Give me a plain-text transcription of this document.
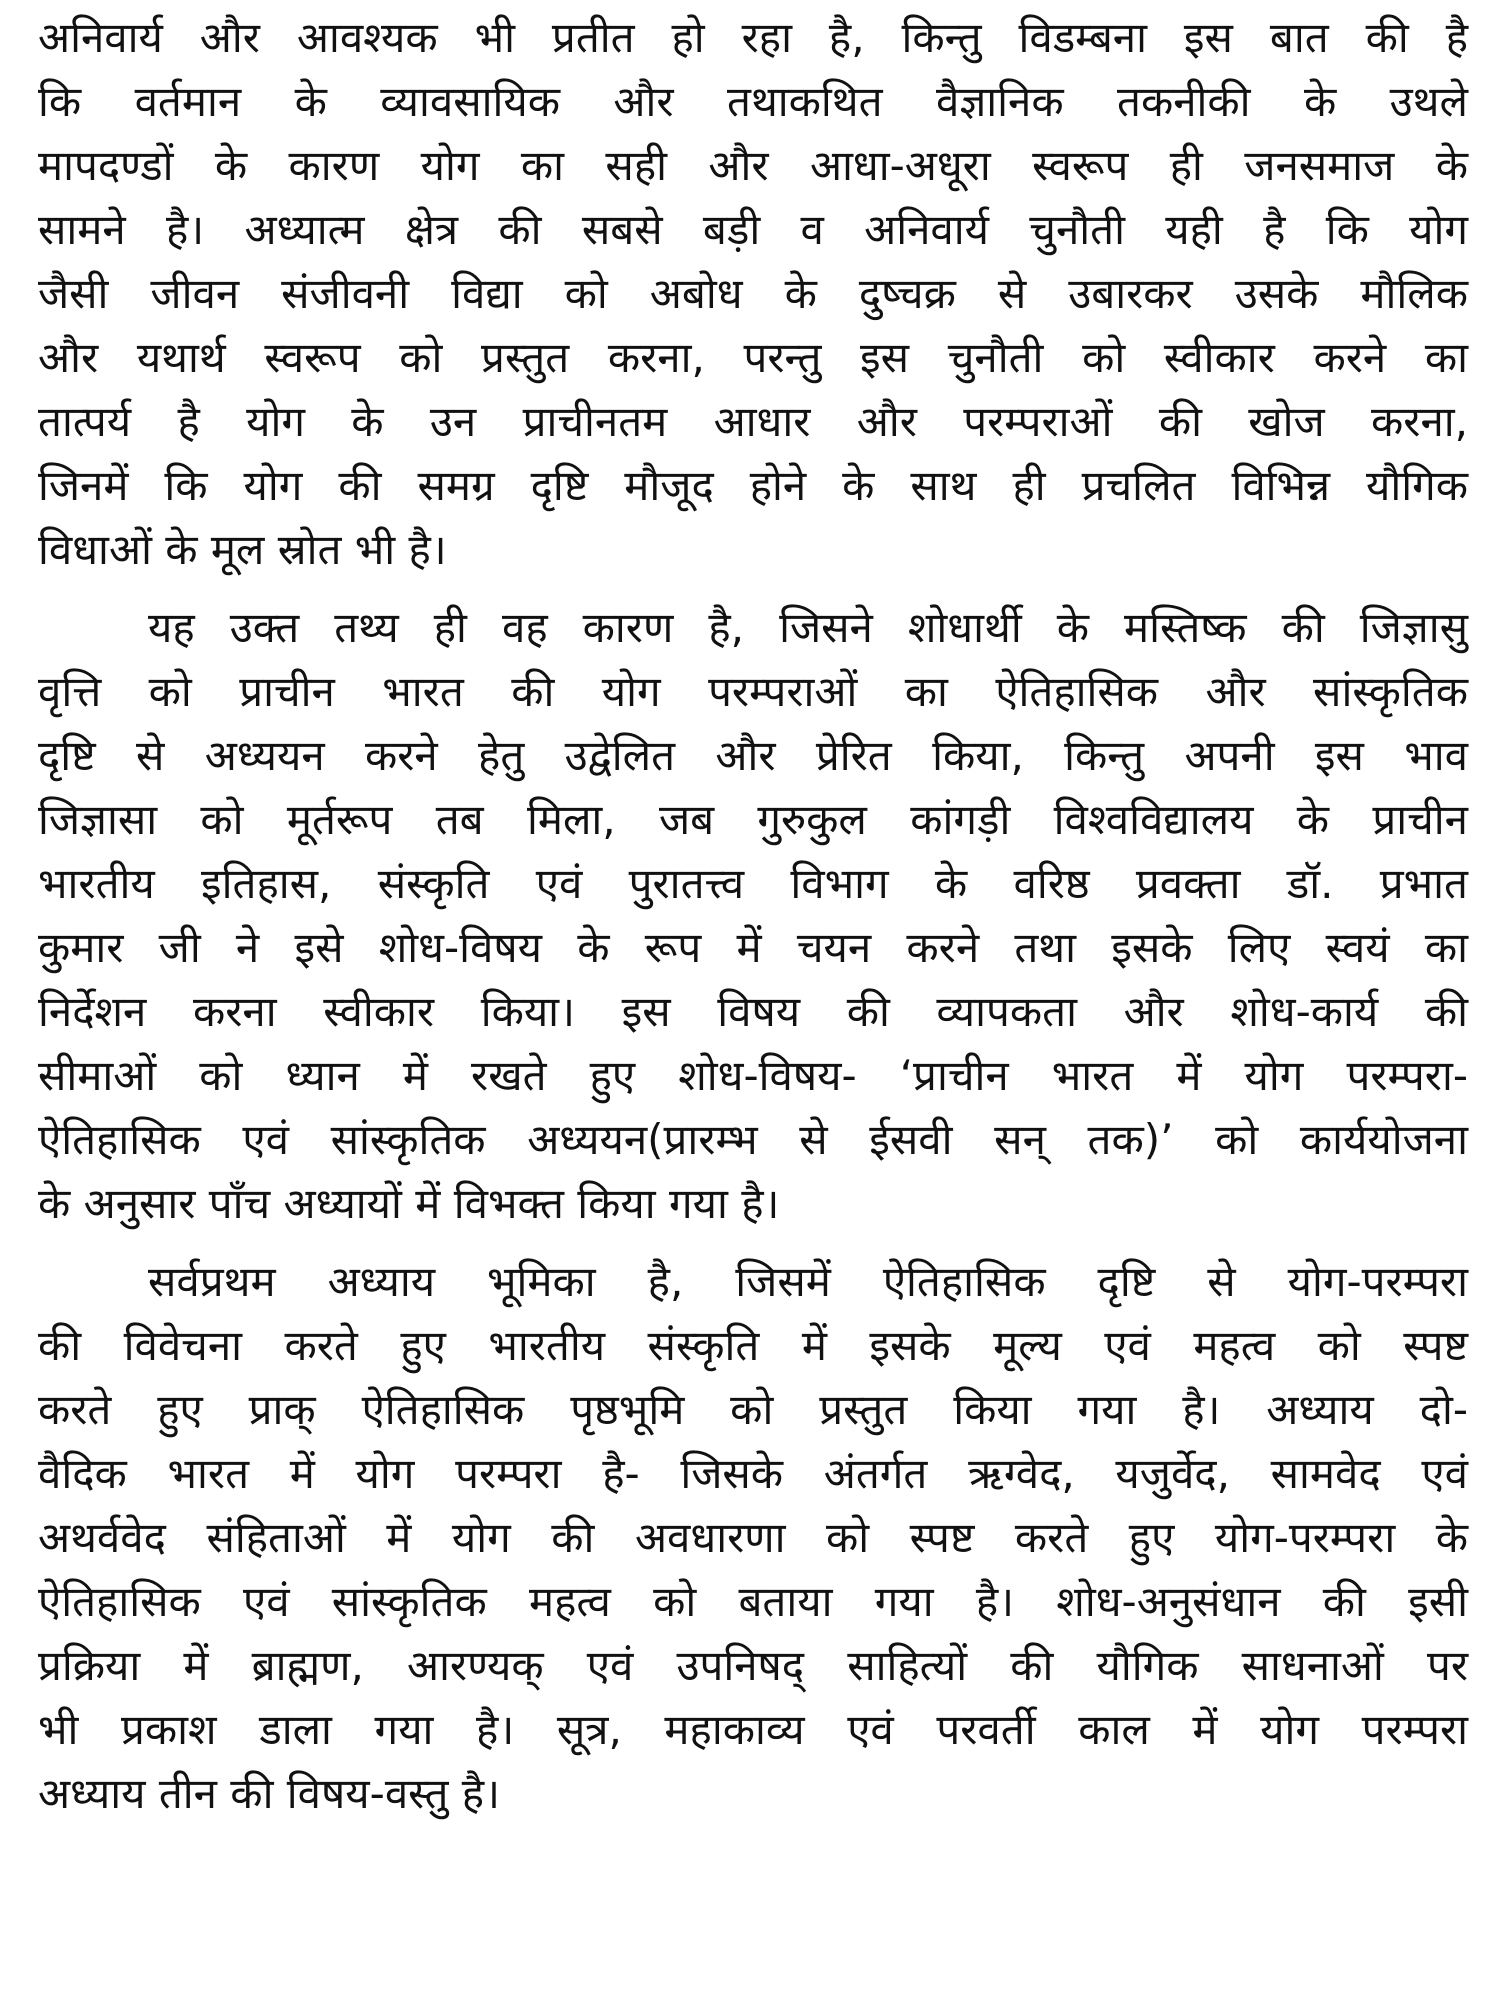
अनिवार्य और आवश्यक भी प्रतीत हो रहा है, किन्तु विडम्बना इस बात की है
कि वर्तमान के व्यावसायिक और तथाकथित वैज्ञानिक तकनीकी के उथले
मापदण्डों के कारण योग का सही और आधा-अधूरा स्वरूप ही जनसमाज के
सामने है। अध्यात्म क्षेत्र की सबसे बड़ी व अनिवार्य चुनौती यही है कि योग
जैसी जीवन संजीवनी विद्या को अबोध के दुष्चक्र से उबारकर उसके मौलिक
और यथार्थ स्वरूप को प्रस्तुत करना, परन्तु इस चुनौती को स्वीकार करने का
तात्पर्य है योग के उन प्राचीनतम आधार और परम्पराओं की खोज करना,
जिनमें कि योग की समग्र दृष्टि मौजूद होने के साथ ही प्रचलित विभिन्न यौगिक
विधाओं के मूल स्रोत भी है।
यह उक्त तथ्य ही वह कारण है, जिसने शोधार्थी के मस्तिष्क की जिज्ञासु
वृत्ति को प्राचीन भारत की योग परम्पराओं का ऐतिहासिक और सांस्कृतिक
दृष्टि से अध्ययन करने हेतु उद्वेलित और प्रेरित किया, किन्तु अपनी इस भाव
जिज्ञासा को मूर्तरूप तब मिला, जब गुरुकुल कांगड़ी विश्वविद्यालय के प्राचीन
भारतीय इतिहास, संस्कृति एवं पुरातत्त्व विभाग के वरिष्ठ प्रवक्ता डॉ. प्रभात
कुमार जी ने इसे शोध-विषय के रूप में चयन करने तथा इसके लिए स्वयं का
निर्देशन करना स्वीकार किया। इस विषय की व्यापकता और शोध-कार्य की
सीमाओं को ध्यान में रखते हुए शोध-विषय- ‘प्राचीन भारत में योग परम्परा-
ऐतिहासिक एवं सांस्कृतिक अध्ययन(प्रारम्भ से ईसवी सन् तक)’ को कार्ययोजना
के अनुसार पाँच अध्यायों में विभक्त किया गया है।
सर्वप्रथम अध्याय भूमिका है, जिसमें ऐतिहासिक दृष्टि से योग-परम्परा
की विवेचना करते हुए भारतीय संस्कृति में इसके मूल्य एवं महत्व को स्पष्ट
करते हुए प्राक् ऐतिहासिक पृष्ठभूमि को प्रस्तुत किया गया है। अध्याय दो-
वैदिक भारत में योग परम्परा है- जिसके अंतर्गत ऋग्वेद, यजुर्वेद, सामवेद एवं
अथर्ववेद संहिताओं में योग की अवधारणा को स्पष्ट करते हुए योग-परम्परा के
ऐतिहासिक एवं सांस्कृतिक महत्व को बताया गया है। शोध-अनुसंधान की इसी
प्रक्रिया में ब्राह्मण, आरण्यक् एवं उपनिषद् साहित्यों की यौगिक साधनाओं पर
भी प्रकाश डाला गया है। सूत्र, महाकाव्य एवं परवर्ती काल में योग परम्परा
अध्याय तीन की विषय-वस्तु है।
